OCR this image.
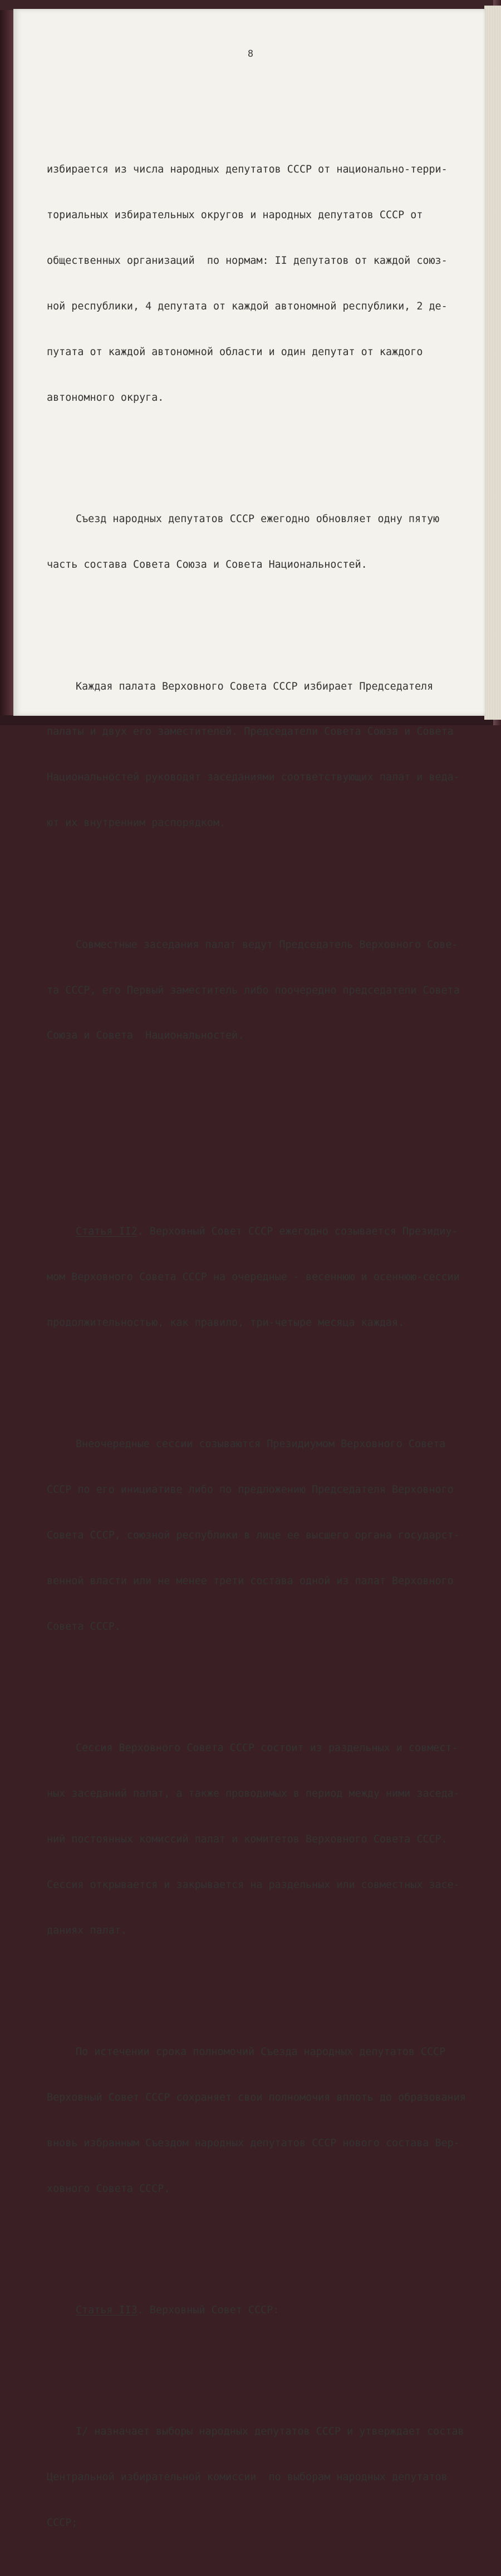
8

избирается из числа народных депутатов СССР от национально-терри-

ториальных избирательных округов и народных депутатов СССР от

общественных организаций  по нормам: II депутатов от каждой союз-

ной республики, 4 депутата от каждой автономной республики, 2 де-

путата от каждой автономной области и один депутат от каждого

автономного округа.

Съезд народных депутатов СССР ежегодно обновляет одну пятую

часть состава Совета Союза и Совета Национальностей.

Каждая палата Верховного Совета СССР избирает Председателя

палаты и двух его заместителей. Председатели Совета Союза и Совета

Национальностей руководят заседаниями соответствующих палат и веда-

ют их внутренним распорядком.

Совместные заседания палат ведут Председатель Верховного Сове-

та СССР, его Первый заместитель либо поочередно председатели Совета

Союза и Совета  Национальностей.

Статья II2. Верховный Совет СССР ежегодно созывается Президиу-

мом Верховного Совета СССР на очередные - весеннюю и осеннюю-сессии

продолжительностью, как правило, три-четыре месяца каждая.

Внеочередные сессии созываются Президиумом Верховного Совета

СССР по его инициативе либо по предложению Председателя Верховного

Совета СССР, союзной республики в лице ее высшего органа государст-

венной власти или не менее трети состава одной из палат Верховного

Совета СССР.

Сессия Верховного Совета СССР состоит из раздельных и совмест-

ных заседаний палат, а также проводимых в период между ними заседа-

ний постоянных комиссий палат и комитетов Верховного Совета СССР.

Сессия открывается и закрывается на раздельных или совместных засе-

даниях палат.

По истечении срока полномочий Съезда народных депутатов СССР

Верховный Совет СССР сохраняет свои полномочия вплоть до образования

вновь избранным Съездом народных депутатов СССР нового состава Вер-

ховного Совета СССР.

Статья II3. Верховный Совет СССР:

I/ назначает выборы народных депутатов СССР и утверждает состав

Центральной избирательной комиссии  по выборам народных депутатов

СССР;
